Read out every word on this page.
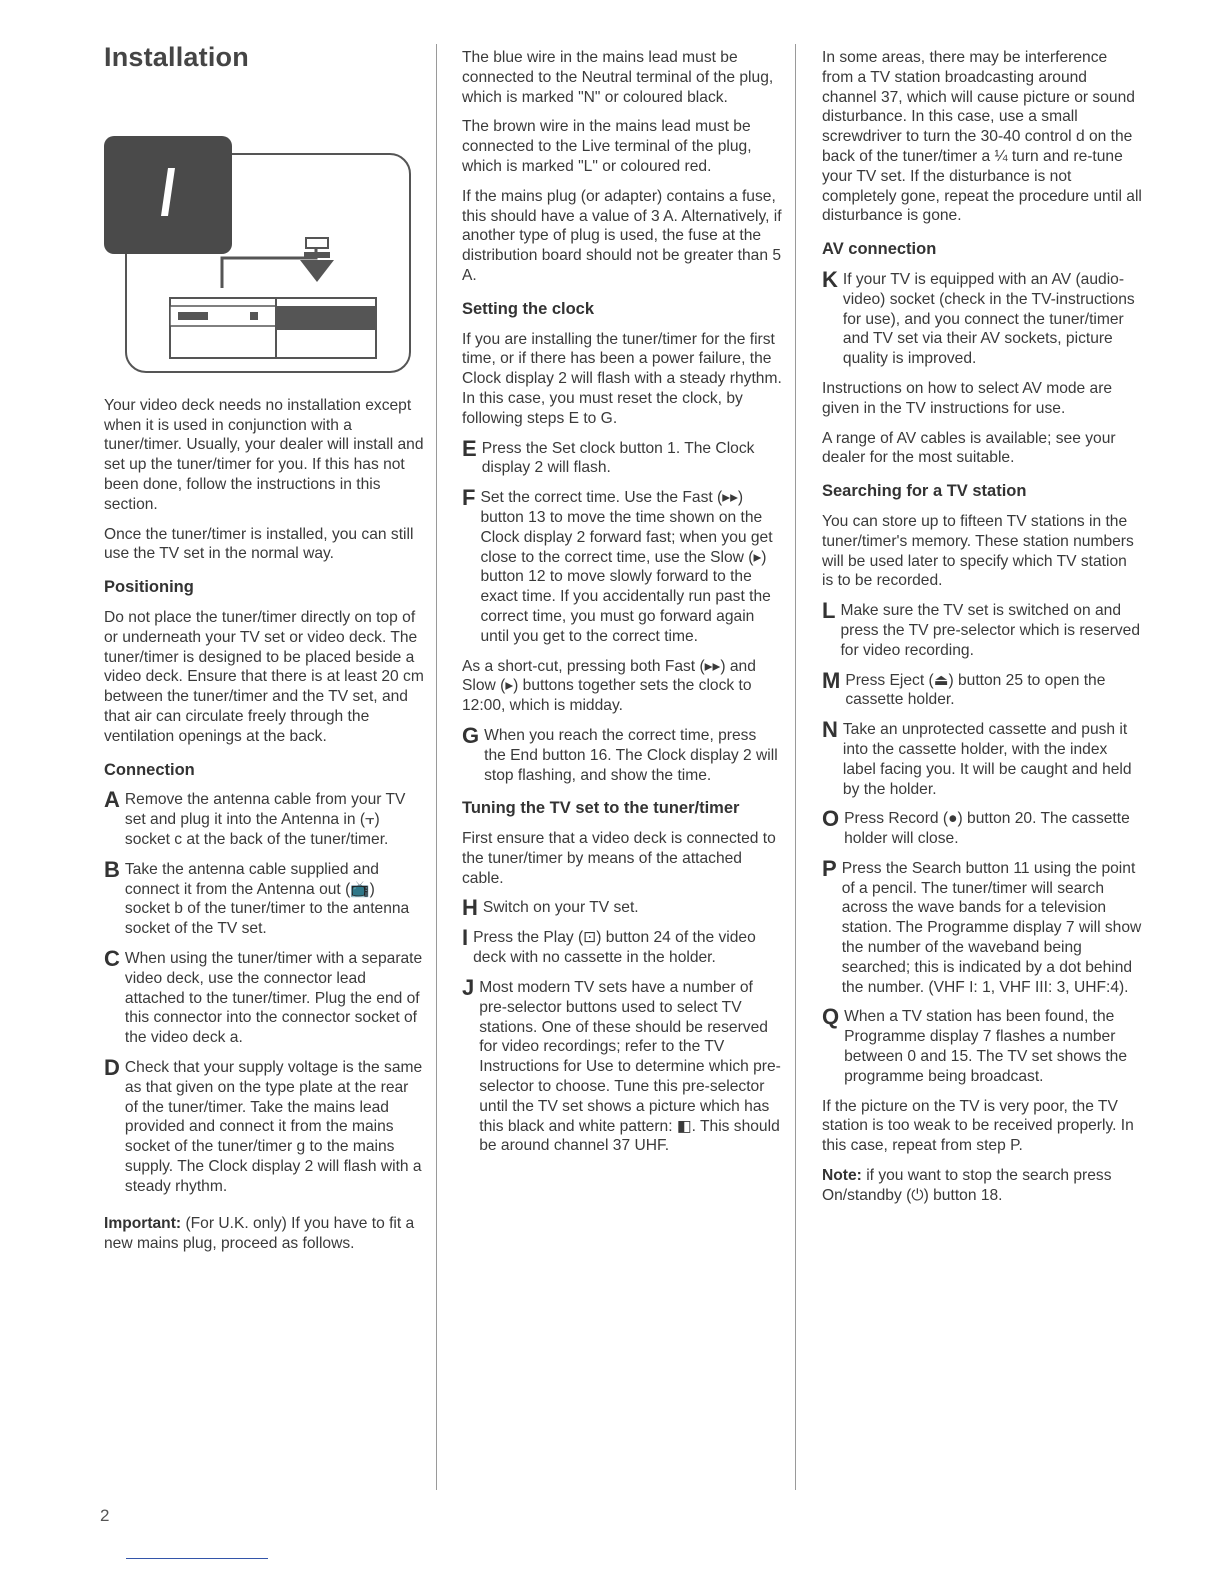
Installation

Your video deck needs no installation except when it is used in conjunction with a tuner/timer. Usually, your dealer will install and set up the tuner/timer for you. If this has not been done, follow the instructions in this section.

Once the tuner/timer is installed, you can still use the TV set in the normal way.

Positioning

Do not place the tuner/timer directly on top of or underneath your TV set or video deck. The tuner/timer is designed to be placed beside a video deck. Ensure that there is at least 20 cm between the tuner/timer and the TV set, and that air can circulate freely through the ventilation openings at the back.

Connection
A Remove the antenna cable from your TV set and plug it into the Antenna in (⫟) socket c at the back of the tuner/timer.
B Take the antenna cable supplied and connect it from the Antenna out (📺) socket b of the tuner/timer to the antenna socket of the TV set.
C When using the tuner/timer with a separate video deck, use the connector lead attached to the tuner/timer. Plug the end of this connector into the connector socket of the video deck a.
D Check that your supply voltage is the same as that given on the type plate at the rear of the tuner/timer. Take the mains lead provided and connect it from the mains socket of the tuner/timer g to the mains supply. The Clock display 2 will flash with a steady rhythm.

Important: (For U.K. only) If you have to fit a new mains plug, proceed as follows.

The blue wire in the mains lead must be connected to the Neutral terminal of the plug, which is marked "N" or coloured black.

The brown wire in the mains lead must be connected to the Live terminal of the plug, which is marked "L" or coloured red.

If the mains plug (or adapter) contains a fuse, this should have a value of 3 A. Alternatively, if another type of plug is used, the fuse at the distribution board should not be greater than 5 A.

Setting the clock

If you are installing the tuner/timer for the first time, or if there has been a power failure, the Clock display 2 will flash with a steady rhythm. In this case, you must reset the clock, by following steps E to G.

E Press the Set clock button 1. The Clock display 2 will flash.
F Set the correct time. Use the Fast (▸▸) button 13 to move the time shown on the Clock display 2 forward fast; when you get close to the correct time, use the Slow (▸) button 12 to move slowly forward to the exact time. If you accidentally run past the correct time, you must go forward again until you get to the correct time.

As a short-cut, pressing both Fast (▸▸) and Slow (▸) buttons together sets the clock to 12:00, which is midday.

G When you reach the correct time, press the End button 16. The Clock display 2 will stop flashing, and show the time.
Tuning the TV set to the tuner/timer

First ensure that a video deck is connected to the tuner/timer by means of the attached cable.

H Switch on your TV set.
I Press the Play (⊡) button 24 of the video deck with no cassette in the holder.
J Most modern TV sets have a number of pre-selector buttons used to select TV stations. One of these should be reserved for video recordings; refer to the TV Instructions for Use to determine which pre-selector to choose. Tune this pre-selector until the TV set shows a picture which has this black and white pattern: ◧. This should be around channel 37 UHF.

In some areas, there may be interference from a TV station broadcasting around channel 37, which will cause picture or sound disturbance. In this case, use a small screwdriver to turn the 30-40 control d on the back of the tuner/timer a ¼ turn and re-tune your TV set. If the disturbance is not completely gone, repeat the procedure until all disturbance is gone.

AV connection
K If your TV is equipped with an AV (audio-video) socket (check in the TV-instructions for use), and you connect the tuner/timer and TV set via their AV sockets, picture quality is improved.

Instructions on how to select AV mode are given in the TV instructions for use.

A range of AV cables is available; see your dealer for the most suitable.

Searching for a TV station

You can store up to fifteen TV stations in the tuner/timer's memory. These station numbers will be used later to specify which TV station is to be recorded.

L Make sure the TV set is switched on and press the TV pre-selector which is reserved for video recording.
M Press Eject (⏏) button 25 to open the cassette holder.
N Take an unprotected cassette and push it into the cassette holder, with the index label facing you. It will be caught and held by the holder.
O Press Record (●) button 20. The cassette holder will close.
P Press the Search button 11 using the point of a pencil. The tuner/timer will search across the wave bands for a television station. The Programme display 7 will show the number of the waveband being searched; this is indicated by a dot behind the number. (VHF I: 1, VHF III: 3, UHF:4).
Q When a TV station has been found, the Programme display 7 flashes a number between 0 and 15. The TV set shows the programme being broadcast.

If the picture on the TV is very poor, the TV station is too weak to be received properly. In this case, repeat from step P.

Note: if you want to stop the search press On/standby (⏻) button 18.

2
